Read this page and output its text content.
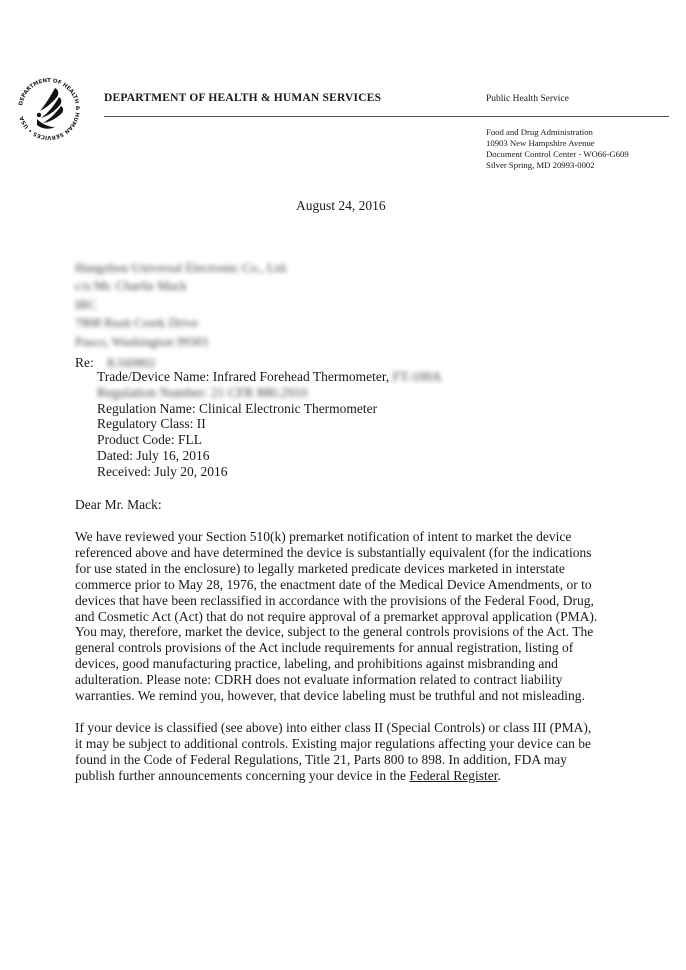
DEPARTMENT OF HEALTH & HUMAN SERVICES • USA
DEPARTMENT OF HEALTH & HUMAN SERVICES	Public Health Service
Food and Drug Administration
10903 New Hampshire Avenue
Document Control Center - WO66-G609
Silver Spring, MD 20993-0002
August 24, 2016
Hangzhou Universal Electronic Co., Ltd.
c/o Mr. Charlie Mack
IRC
7808 Rush Creek Drive
Pasco, Washington 99301
Re: K160802
Trade/Device Name: Infrared Forehead Thermometer, FT-100A
Regulation Number: 21 CFR 880.2910
Regulation Name: Clinical Electronic Thermometer
Regulatory Class: II
Product Code: FLL
Dated: July 16, 2016
Received: July 20, 2016
Dear Mr. Mack:
We have reviewed your Section 510(k) premarket notification of intent to market the device
referenced above and have determined the device is substantially equivalent (for the indications
for use stated in the enclosure) to legally marketed predicate devices marketed in interstate
commerce prior to May 28, 1976, the enactment date of the Medical Device Amendments, or to
devices that have been reclassified in accordance with the provisions of the Federal Food, Drug,
and Cosmetic Act (Act) that do not require approval of a premarket approval application (PMA).
You may, therefore, market the device, subject to the general controls provisions of the Act. The
general controls provisions of the Act include requirements for annual registration, listing of
devices, good manufacturing practice, labeling, and prohibitions against misbranding and
adulteration. Please note: CDRH does not evaluate information related to contract liability
warranties. We remind you, however, that device labeling must be truthful and not misleading.
If your device is classified (see above) into either class II (Special Controls) or class III (PMA),
it may be subject to additional controls. Existing major regulations affecting your device can be
found in the Code of Federal Regulations, Title 21, Parts 800 to 898. In addition, FDA may
publish further announcements concerning your device in the Federal Register.
